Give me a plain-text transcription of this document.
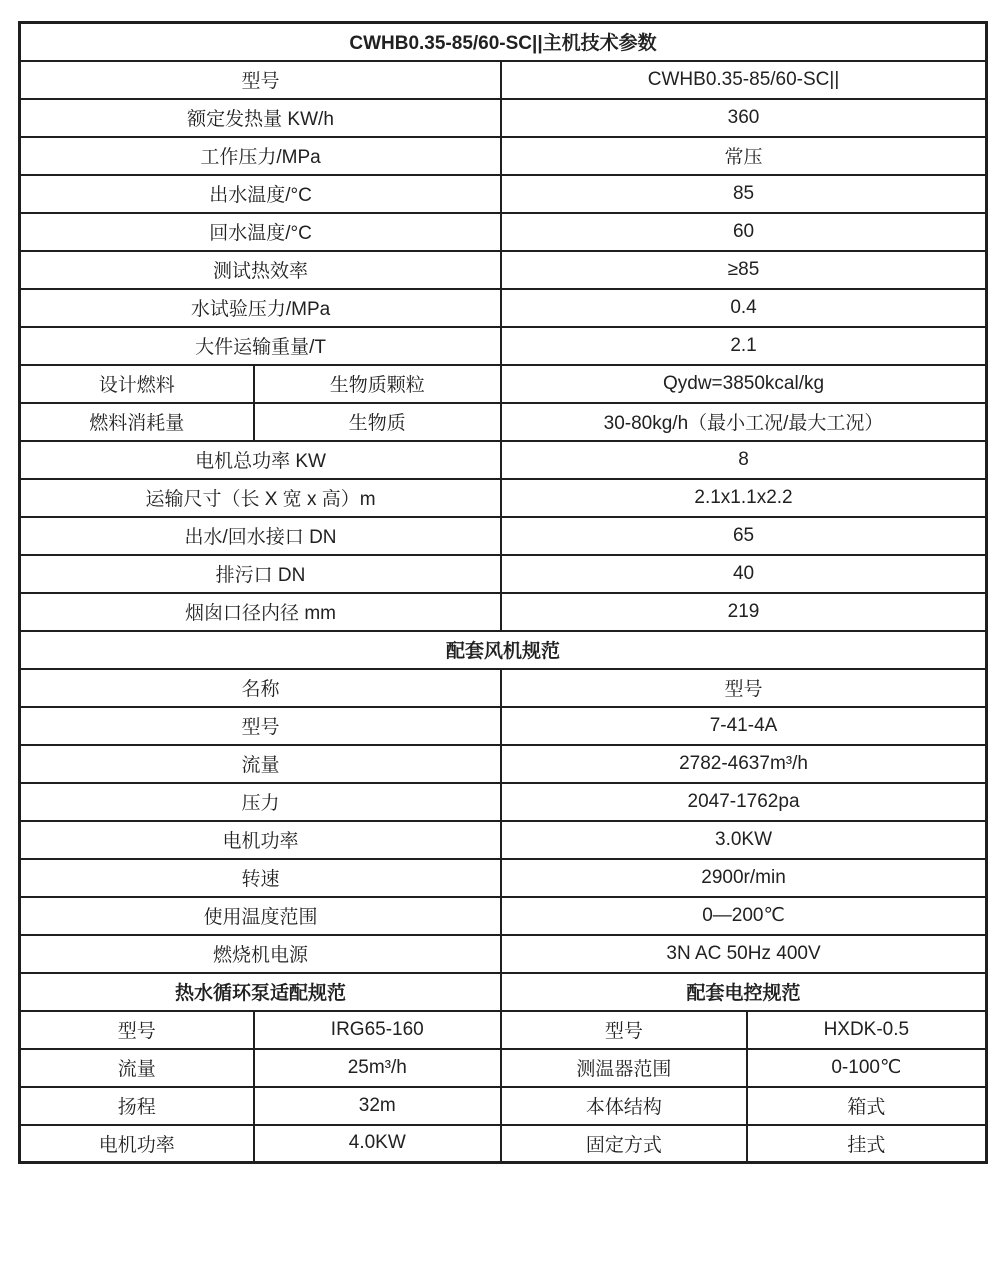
CWHB0.35-85/60-SC||主机技术参数			
型号		CWHB0.35-85/60-SC||	
额定发热量 KW/h		360	
工作压力/MPa		常压	
出水温度/°C		85	
回水温度/°C		60	
测试热效率		≥85	
水试验压力/MPa		0.4	
大件运输重量/T		2.1	
设计燃料	生物质颗粒	Qydw=3850kcal/kg	
燃料消耗量	生物质	30-80kg/h（最小工况/最大工况）	
电机总功率 KW		8	
运输尺寸（长 X 宽 x 高）m		2.1x1.1x2.2	
出水/回水接口 DN		65	
排污口 DN		40	
烟囱口径内径 mm		219	
配套风机规范			
名称		型号	
型号		7-41-4A	
流量		2782-4637m³/h	
压力		2047-1762pa	
电机功率		3.0KW	
转速		2900r/min	
使用温度范围		0—200℃	
燃烧机电源		3N AC 50Hz 400V	
热水循环泵适配规范		配套电控规范	
型号	IRG65-160	型号	HXDK-0.5
流量	25m³/h	测温器范围	0-100℃
扬程	32m	本体结构	箱式
电机功率	4.0KW	固定方式	挂式
